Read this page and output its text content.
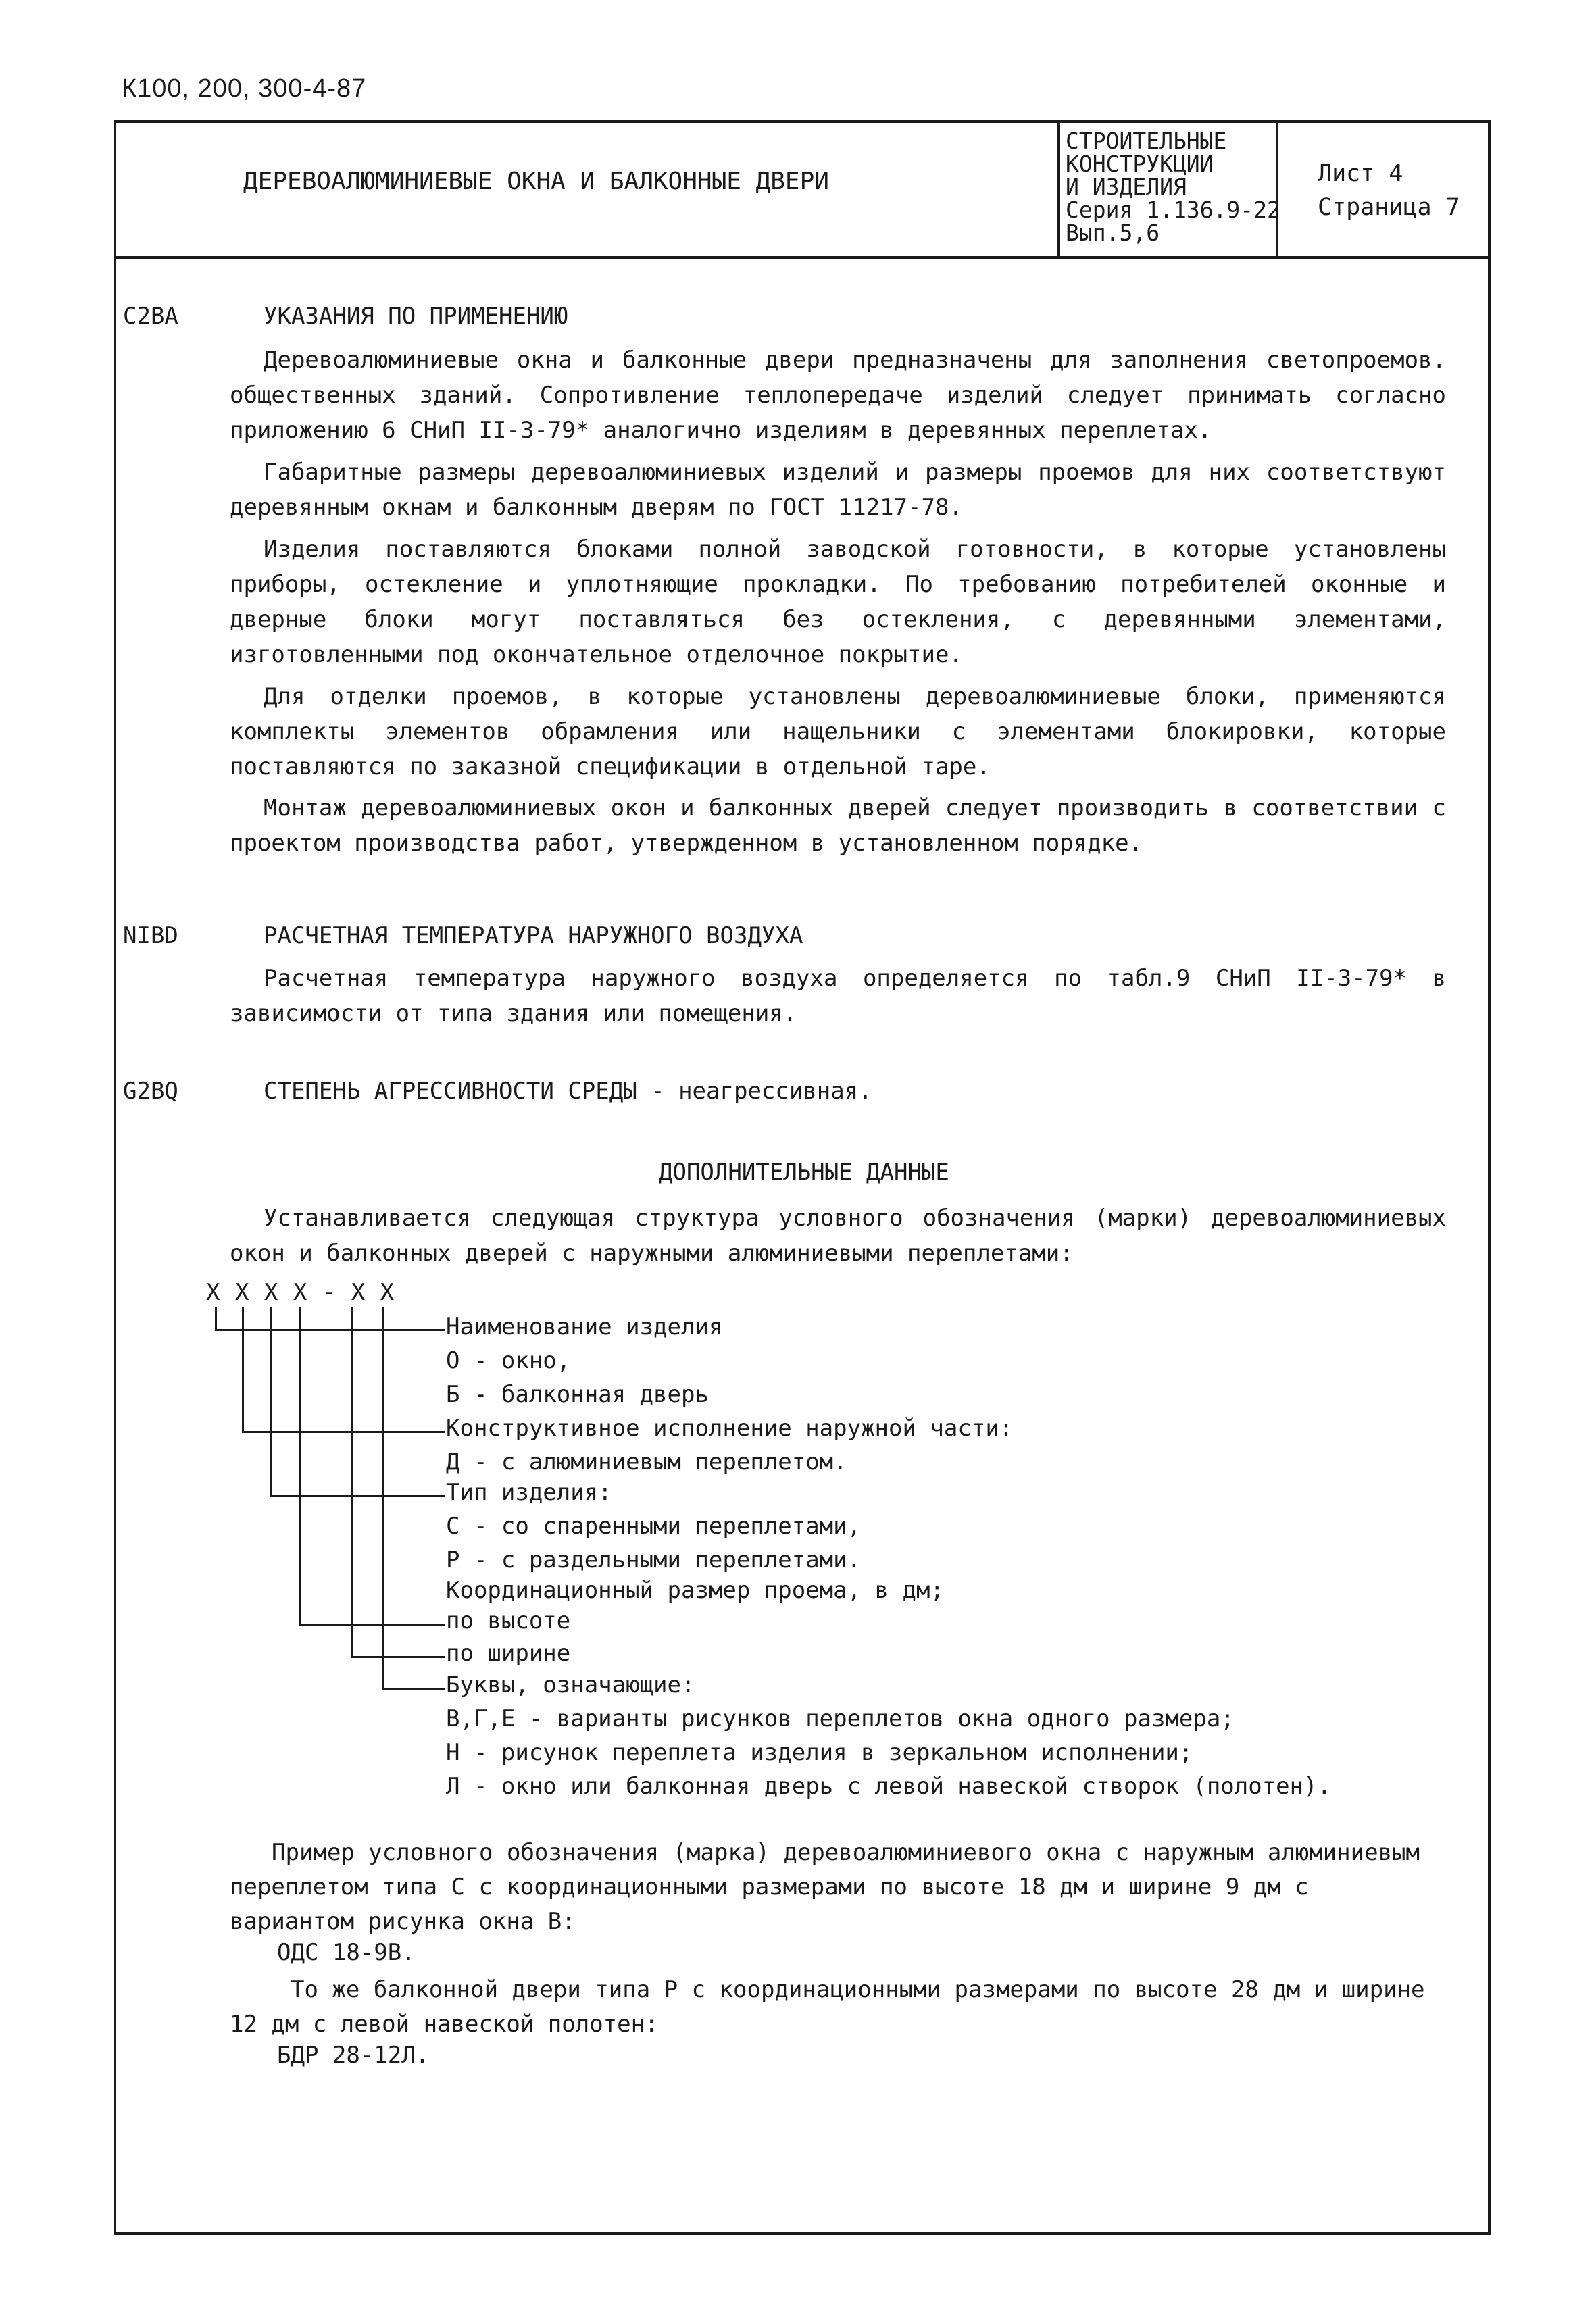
К100, 200, 300-4-87
ДЕРЕВОАЛЮМИНИЕВЫЕ ОКНА И БАЛКОННЫЕ ДВЕРИ
СТРОИТЕЛЬНЫЕ
КОНСТРУКЦИИ
И ИЗДЕЛИЯ
Серия 1.136.9-22
Вып.5,6
Лист 4
Страница 7
C2BA	УКАЗАНИЯ ПО ПРИМЕНЕНИЮ
Деревоалюминиевые окна и балконные двери предназначены для заполнения светопроемов. общественных зданий. Сопротивление теплопередаче изделий следует принимать согласно приложению 6 СНиП II-3-79* аналогично изделиям в деревянных переплетах.
Габаритные размеры деревоалюминиевых изделий и размеры проемов для них соответствуют деревянным окнам и балконным дверям по ГОСТ 11217-78.
Изделия поставляются блоками полной заводской готовности, в которые установлены приборы, остекление и уплотняющие прокладки. По требованию потребителей оконные и дверные блоки могут поставляться без остекления, с деревянными элементами, изготовленными под окончательное отделочное покрытие.
Для отделки проемов, в которые установлены деревоалюминиевые блоки, применяются комплекты элементов обрамления или нащельники с элементами блокировки, которые поставляются по заказной спецификации в отдельной таре.
Монтаж деревоалюминиевых окон и балконных дверей следует производить в соответствии с проектом производства работ, утвержденном в установленном порядке.
NIBD	РАСЧЕТНАЯ ТЕМПЕРАТУРА НАРУЖНОГО ВОЗДУХА
Расчетная температура наружного воздуха определяется по табл.9 СНиП II-3-79* в зависимости от типа здания или помещения.
G2BQ	СТЕПЕНЬ АГРЕССИВНОСТИ СРЕДЫ - неагрессивная.
ДОПОЛНИТЕЛЬНЫЕ ДАННЫЕ
Устанавливается следующая структура условного обозначения (марки) деревоалюминиевых окон и балконных дверей с наружными алюминиевыми переплетами:
Х Х Х Х - Х Х
Наименование изделия
О - окно,
Б - балконная дверь
Конструктивное исполнение наружной части:
Д - с алюминиевым переплетом.
Тип изделия:
С - со спаренными переплетами,
Р - с раздельными переплетами.
Координационный размер проема, в дм;
по высоте
по ширине
Буквы, означающие:
В,Г,Е - варианты рисунков переплетов окна одного размера;
Н - рисунок переплета изделия в зеркальном исполнении;
Л - окно или балконная дверь с левой навеской створок (полотен).
Пример условного обозначения (марка) деревоалюминиевого окна с наружным алюминиевым переплетом типа С с координационными размерами по высоте 18 дм и ширине 9 дм с вариантом рисунка окна В:
ОДС 18-9В.
То же балконной двери типа Р с координационными размерами по высоте 28 дм и ширине 12 дм с левой навеской полотен:
БДР 28-12Л.
